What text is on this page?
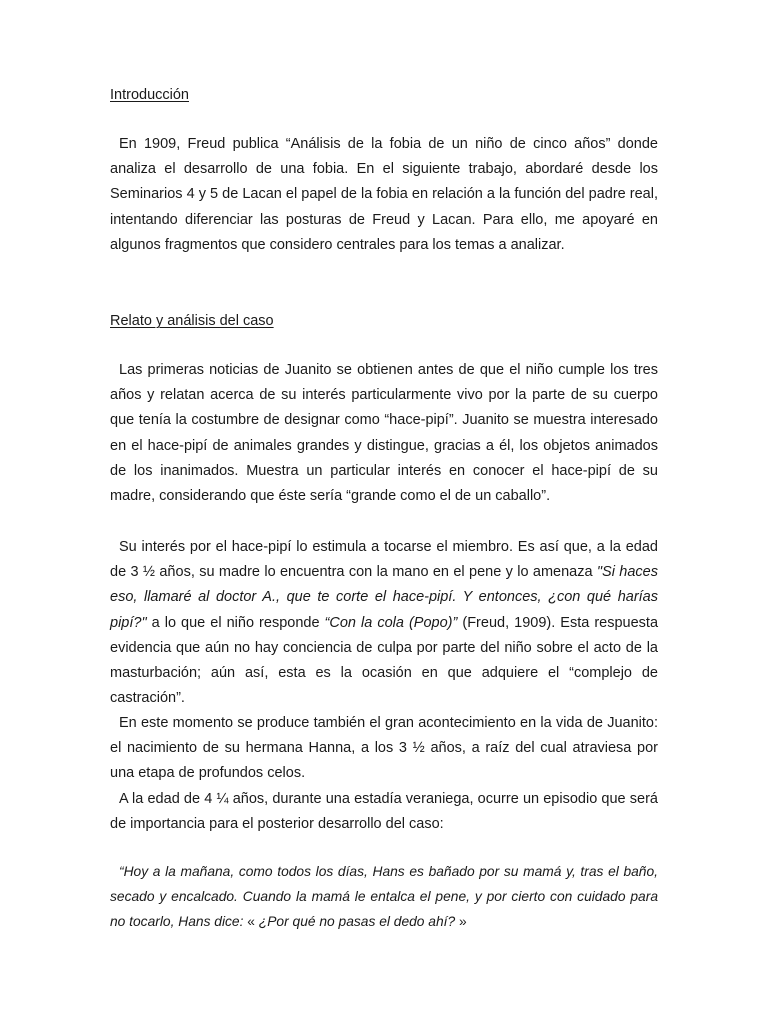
Introducción

En 1909, Freud publica “Análisis de la fobia de un niño de cinco años” donde analiza el desarrollo de una fobia. En el siguiente trabajo, abordaré desde los Seminarios 4 y 5 de Lacan el papel de la fobia en relación a la función del padre real, intentando diferenciar las posturas de Freud y Lacan. Para ello, me apoyaré en algunos fragmentos que considero centrales para los temas a analizar.

Relato y análisis del caso

Las primeras noticias de Juanito se obtienen antes de que el niño cumple los tres años y relatan acerca de su interés particularmente vivo por la parte de su cuerpo que tenía la costumbre de designar como “hace-pipí”. Juanito se muestra interesado en el hace-pipí de animales grandes y distingue, gracias a él, los objetos animados de los inanimados. Muestra un particular interés en conocer el hace-pipí de su madre, considerando que éste sería “grande como el de un caballo”.

Su interés por el hace-pipí lo estimula a tocarse el miembro. Es así que, a la edad de 3 ½ años, su madre lo encuentra con la mano en el pene y lo amenaza "Si haces eso, llamaré al doctor A., que te corte el hace-pipí. Y entonces, ¿con qué harías pipí?" a lo que el niño responde “Con la cola (Popo)” (Freud, 1909). Esta respuesta evidencia que aún no hay conciencia de culpa por parte del niño sobre el acto de la masturbación; aún así, esta es la ocasión en que adquiere el “complejo de castración”.

En este momento se produce también el gran acontecimiento en la vida de Juanito: el nacimiento de su hermana Hanna, a los 3 ½ años, a raíz del cual atraviesa por una etapa de profundos celos.

A la edad de 4 ¼ años, durante una estadía veraniega, ocurre un episodio que será de importancia para el posterior desarrollo del caso:

“Hoy a la mañana, como todos los días, Hans es bañado por su mamá y, tras el baño, secado y encalcado. Cuando la mamá le entalca el pene, y por cierto con cuidado para no tocarlo, Hans dice: « ¿Por qué no pasas el dedo ahí? »
